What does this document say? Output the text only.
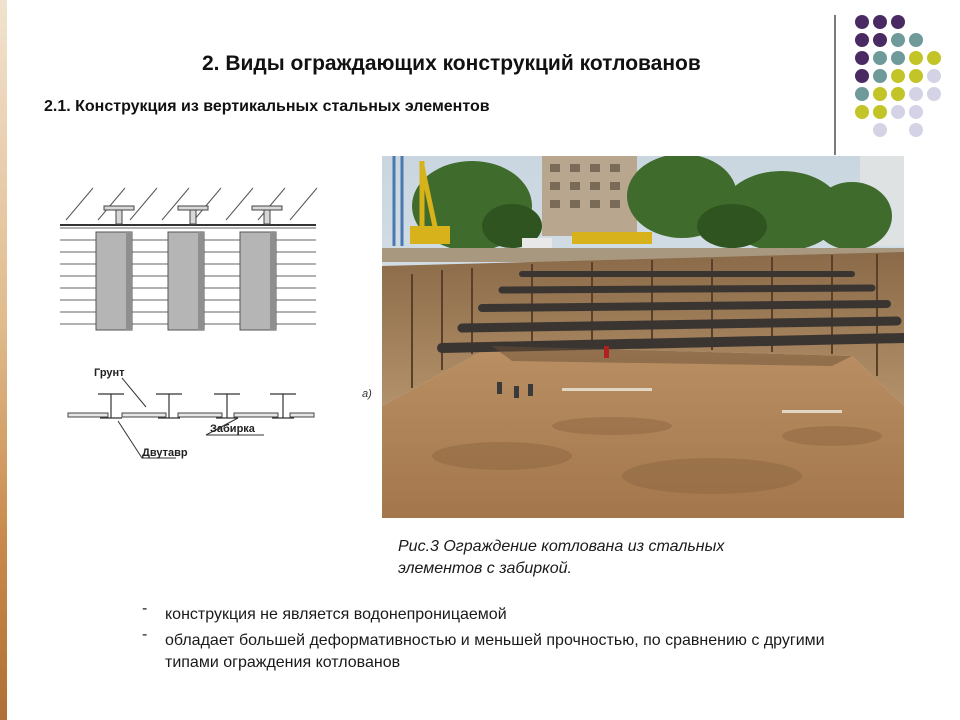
2. Виды ограждающих конструкций котлованов
2.1. Конструкция из вертикальных стальных элементов
Грунт
Двутавр
Забирка
а)
Рис.3 Ограждение котлована из стальных
элементов с забиркой.
- конструкция не является водонепроницаемой
- обладает большей деформативностью и меньшей прочностью, по сравнению с другими типами ограждения котлованов
